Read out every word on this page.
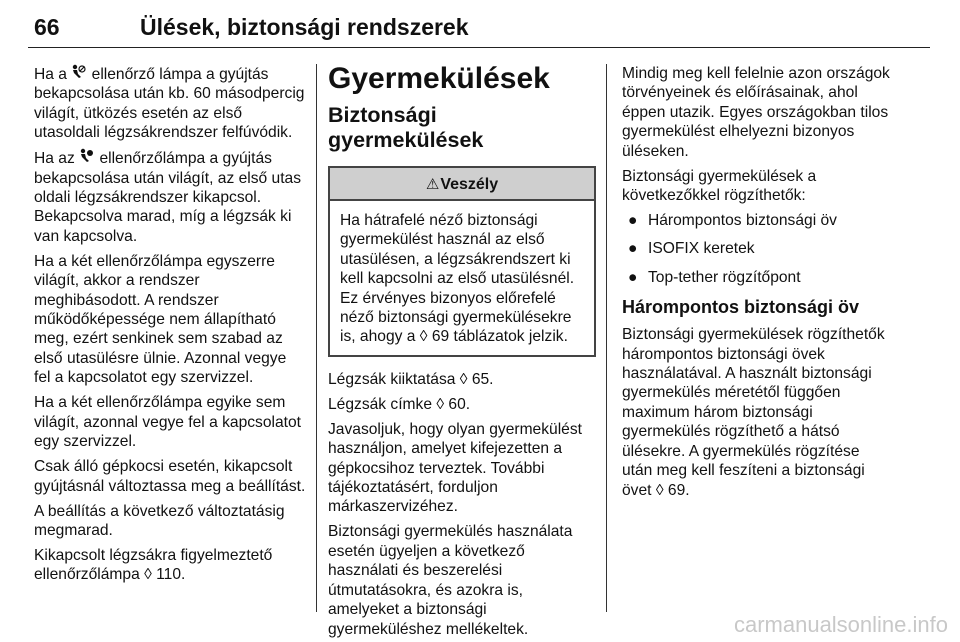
66	Ülések, biztonsági rendszerek

Ha a ellenőrző lámpa a gyújtás bekapcsolása után kb. 60 másodpercig világít, ütközés esetén az első utasoldali légzsákrendszer felfúvódik.

Ha az ellenőrzőlámpa a gyújtás bekapcsolása után világít, az első utas oldali légzsákrendszer kikapcsol. Bekapcsolva marad, míg a légzsák ki van kapcsolva.

Ha a két ellenőrzőlámpa egyszerre világít, akkor a rendszer meghibásodott. A rendszer működőképessége nem állapítható meg, ezért senkinek sem szabad az első utasülésre ülnie. Azonnal vegye fel a kapcsolatot egy szervizzel.

Ha a két ellenőrzőlámpa egyike sem világít, azonnal vegye fel a kapcsolatot egy szervizzel.

Csak álló gépkocsi esetén, kikapcsolt gyújtásnál változtassa meg a beállítást.

A beállítás a következő változtatásig megmarad.

Kikapcsolt légzsákra figyelmeztető ellenőrzőlámpa ◊ 110.

Gyermekülések
Biztonsági gyermekülések
⚠Veszély

Ha hátrafelé néző biztonsági gyermekülést használ az első utasülésen, a légzsákrendszert ki kell kapcsolni az első utasülésnél. Ez érvényes bizonyos előrefelé néző biztonsági gyermekülésekre is, ahogy a ◊ 69 táblázatok jelzik.

Légzsák kiiktatása ◊ 65.

Légzsák címke ◊ 60.

Javasoljuk, hogy olyan gyermekülést használjon, amelyet kifejezetten a gépkocsihoz terveztek. További tájékoztatásért, forduljon márkaszervizéhez.

Biztonsági gyermekülés használata esetén ügyeljen a következő használati és beszerelési útmutatásokra, és azokra is, amelyeket a biztonsági gyermeküléshez mellékeltek.

Mindig meg kell felelnie azon országok törvényeinek és előírásainak, ahol éppen utazik. Egyes országokban tilos gyermekülést elhelyezni bizonyos üléseken.

Biztonsági gyermekülések a következőkkel rögzíthetők:

● Hárompontos biztonsági öv
● ISOFIX keretek
● Top-tether rögzítőpont
Hárompontos biztonsági öv

Biztonsági gyermekülések rögzíthetők hárompontos biztonsági övek használatával. A használt biztonsági gyermekülés méretétől függően maximum három biztonsági gyermekülés rögzíthető a hátsó ülésekre. A gyermekülés rögzítése után meg kell feszíteni a biztonsági övet ◊ 69.

carmanualsonline.info
